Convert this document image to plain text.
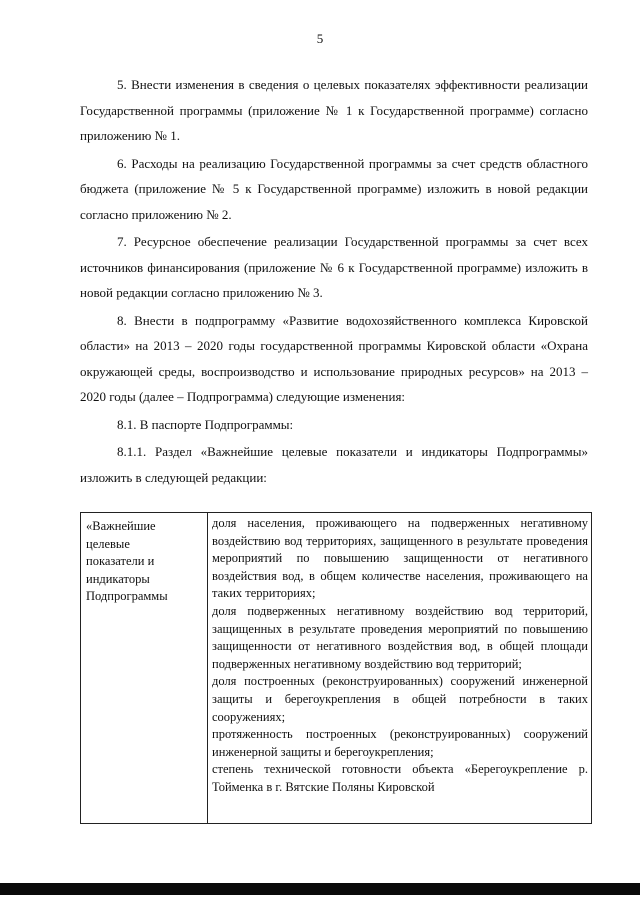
5

5. Внести изменения в сведения о целевых показателях эффективности реализации Государственной программы (приложение № 1 к Государственной программе) согласно приложению № 1.

6. Расходы на реализацию Государственной программы за счет средств областного бюджета (приложение № 5 к Государственной программе) изложить в новой редакции согласно приложению № 2.

7. Ресурсное обеспечение реализации Государственной программы за счет всех источников финансирования (приложение № 6 к Государственной программе) изложить в новой редакции согласно приложению № 3.

8. Внести в подпрограмму «Развитие водохозяйственного комплекса Кировской области» на 2013 – 2020 годы государственной программы Кировской области «Охрана окружающей среды, воспроизводство и использование природных ресурсов» на 2013 – 2020 годы (далее – Подпрограмма) следующие изменения:

8.1. В паспорте Подпрограммы:

8.1.1. Раздел «Важнейшие целевые показатели и индикаторы Подпрограммы» изложить в следующей редакции:

«Важнейшие
целевые
показатели и
индикаторы
Подпрограммы

доля населения, проживающего на подверженных негативному воздействию вод территориях, защищенного в результате проведения мероприятий по повышению защищенности от негативного воздействия вод, в общем количестве населения, проживающего на таких территориях;

доля подверженных негативному воздействию вод территорий, защищенных в результате проведения мероприятий по повышению защищенности от негативного воздействия вод, в общей площади подверженных негативному воздействию вод территорий;

доля построенных (реконструированных) сооружений инженерной защиты и берегоукрепления в общей потребности в таких сооружениях;

протяженность построенных (реконструированных) сооружений инженерной защиты и берегоукрепления;

степень технической готовности объекта «Берегоукрепление р. Тойменка в г. Вятские Поляны Кировской
